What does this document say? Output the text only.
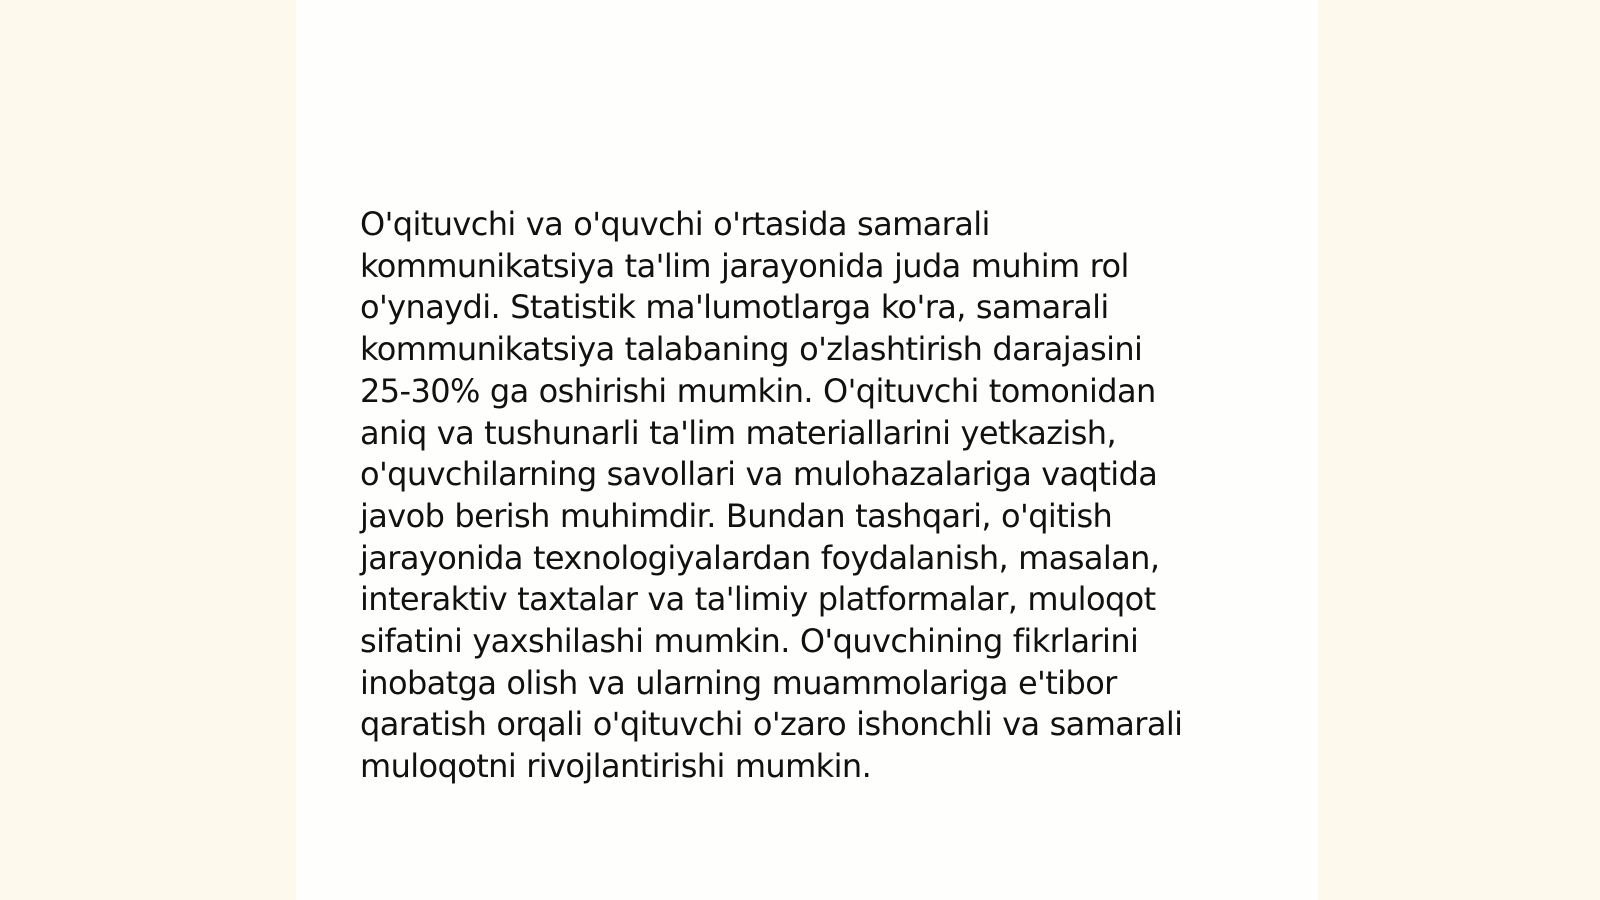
O'qituvchi va o'quvchi o'rtasida samarali
kommunikatsiya ta'lim jarayonida juda muhim rol
o'ynaydi. Statistik ma'lumotlarga ko'ra, samarali
kommunikatsiya talabaning o'zlashtirish darajasini
25-30% ga oshirishi mumkin. O'qituvchi tomonidan
aniq va tushunarli ta'lim materiallarini yetkazish,
o'quvchilarning savollari va mulohazalariga vaqtida
javob berish muhimdir. Bundan tashqari, o'qitish
jarayonida texnologiyalardan foydalanish, masalan,
interaktiv taxtalar va ta'limiy platformalar, muloqot
sifatini yaxshilashi mumkin. O'quvchining fikrlarini
inobatga olish va ularning muammolariga e'tibor
qaratish orqali o'qituvchi o'zaro ishonchli va samarali
muloqotni rivojlantirishi mumkin.
